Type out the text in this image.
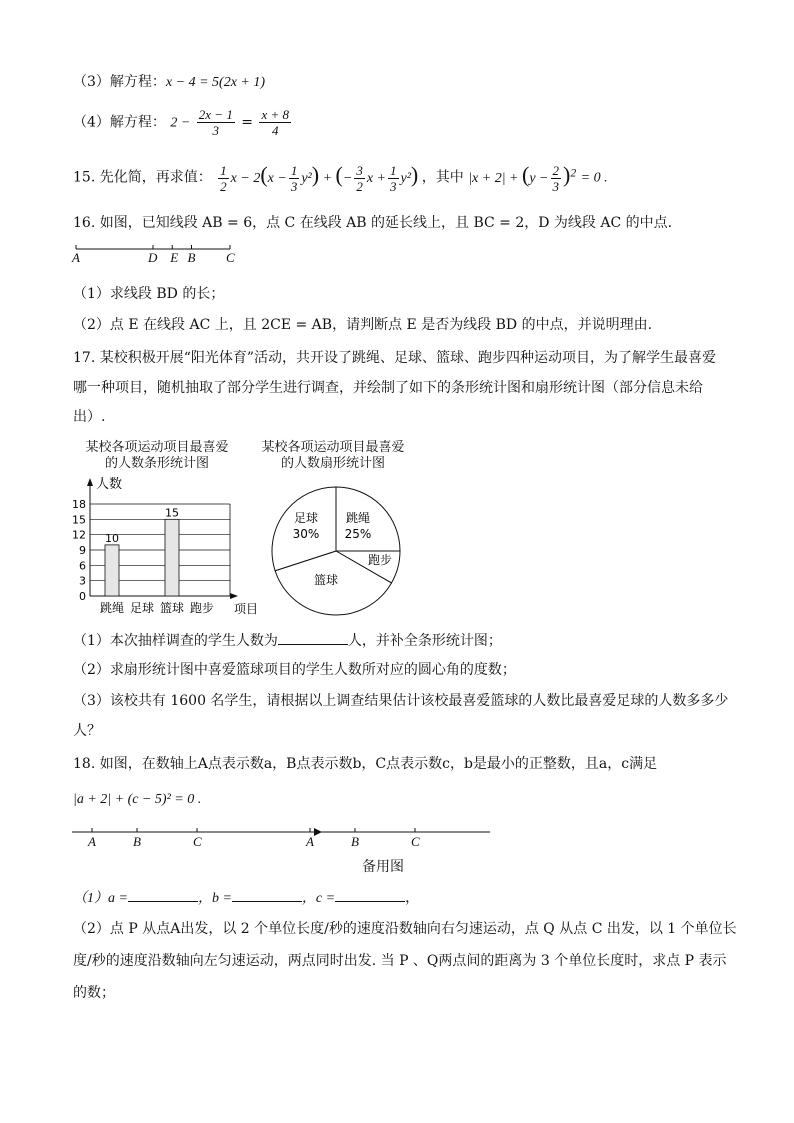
（3）解方程：x − 4 = 5(2x + 1)
（4）解方程： $2 - \frac{2x - 1}{3} = \frac{x + 8}{4}$
15. 先化简，再求值： $\frac{1}{2}$ $x - 2(x - \frac{1}{3} y^2)$ + (− $\frac{3}{2}$ $x + \frac{1}{3} y^2$) ，其中 $|x + 2| + (y - \frac{2}{3} )^2 = 0$ .
16. 如图，已知线段 AB = 6，点 C 在线段 AB 的延长线上，且 BC = 2，D 为线段 AC 的中点.
（1）求线段 BD 的长；
（2）点 E 在线段 AC 上，且 2CE = AB，请判断点 E 是否为线段 BD 的中点，并说明理由.
17. 某校积极开展“阳光体育”活动，共开设了跳绳、足球、篮球、跑步四种运动项目，为了解学生最喜爱
哪一种项目，随机抽取了部分学生进行调查，并绘制了如下的条形统计图和扇形统计图（部分信息未给
出）.
某校各项运动项目最喜爱
的人数条形统计图
0
3
6
9
12
15
18
人数
项目
10
跳绳 足球
15
篮球 跑步
某校各项运动项目最喜爱
的人数扇形统计图
跳绳
25%
跑步
篮球
足球
30%
（1）本次抽样调查的学生人数为	人，并补全条形统计图；
（2）求扇形统计图中喜爱篮球项目的学生人数所对应的圆心角的度数；
（3）该校共有 1600 名学生，请根据以上调查结果估计该校最喜爱篮球的人数比最喜爱足球的人数多多少
人？
18. 如图，在数轴上A点表示数a，B点表示数b，C点表示数c，b是最小的正整数，且a，c满足
|a + 2| + (c − 5)² = 0 .
备用图
（1）a =	，b =	，c =	，
（2）点 P 从点A出发，以 2 个单位长度/秒的速度沿数轴向右匀速运动，点 Q 从点 C 出发，以 1 个单位长
度/秒的速度沿数轴向左匀速运动，两点同时出发. 当 P 、Q两点间的距离为 3 个单位长度时，求点 P 表示
的数；
A	D E B C
A	B	C	A	B	C
